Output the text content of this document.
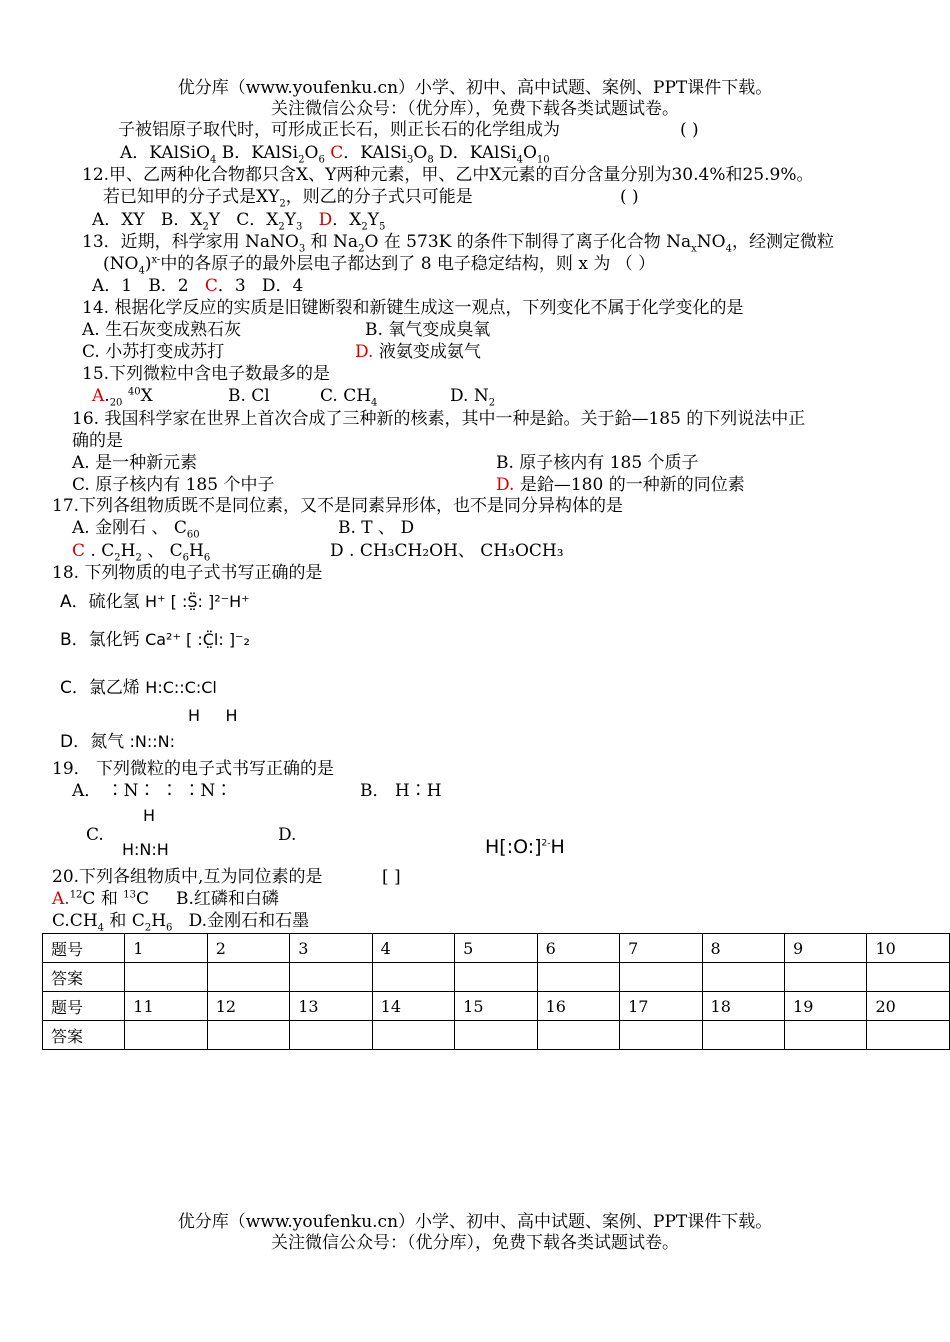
优分库（www.youfenku.cn）小学、初中、高中试题、案例、PPT课件下载。
关注微信公众号：（优分库），免费下载各类试题试卷。
子被铝原子取代时，可形成正长石，则正长石的化学组成为	( )
A．KAlSiO$_4$ B．$KAlSi_2O_6$ C．$KAlSi_3O_8$ D．$KAlSi_4O_{10}$
12.甲、乙两种化合物都只含X、Y两种元素，甲、乙中X元素的百分含量分别为30.4%和25.9%。
若已知甲的分子式是$XY_2$，则乙的分子式只可能是	( )
A．XY B．$X_2Y$ C．$X_2Y_3$ D．$X_2Y_5$
13．近期，科学家用 NaNO$_3$ 和 $Na_2O$ 在 573K 的条件下制得了离子化合物 $Na_xNO_4$，经测定微粒
$(NO_4)^{x-}$中的各原子的最外层电子都达到了 8 电子稳定结构，则 x 为 （ ）
A．1 B．2 C．3 D．4
14. 根据化学反应的实质是旧键断裂和新键生成这一观点，下列变化不属于化学变化的是
A. 生石灰变成熟石灰	B. 氧气变成臭氧
C. 小苏打变成苏打	D. 液氨变成氨气
15.下列微粒中含电子数最多的是
$A._{20}$ $^{40}$X	B. Cl	C. $CH_4$	D. $N_2$
16. 我国科学家在世界上首次合成了三种新的核素，其中一种是鉿。关于鉿—185 的下列说法中正
确的是
A. 是一种新元素	B. 原子核内有 185 个质子
C. 原子核内有 185 个中子	D. 是鉿—180 的一种新的同位素
17.下列各组物质既不是同位素，又不是同素异形体，也不是同分异构体的是
A. 金刚石 、 $C_{60}$	B. T 、 D
C . $C_2H_2$ 、 $C_6H_6$	D . CH₃CH₂OH、 CH₃OCH₃
18. 下列物质的电子式书写正确的是
A．硫化氢 H⁺ [ :S̤̈: ]²⁻H⁺
B．氯化钙 Ca²⁺ [ :C̤̈l: ]⁻₂
C．氯乙烯 H:C::C:Cl
H     H
D．氮气 :N::N:
19． 下列微粒的电子式书写正确的是
A． ∶N∶ ∶ ∶N∶	B． H∶H
C.
H
H:N:H
D.
H[:O:]$^{2-}$H
20.下列各组物质中,互为同位素的是	[ ]
A.$^{12}$C 和 $^{13}$C B.红磷和白磷
$C.CH_4$ 和 $C_2H_6$ D.金刚石和石墨
题号	1	2	3	4	5	6	7	8	9	10
答案										
题号	11	12	13	14	15	16	17	18	19	20
答案										
优分库（www.youfenku.cn）小学、初中、高中试题、案例、PPT课件下载。
关注微信公众号：（优分库），免费下载各类试题试卷。
